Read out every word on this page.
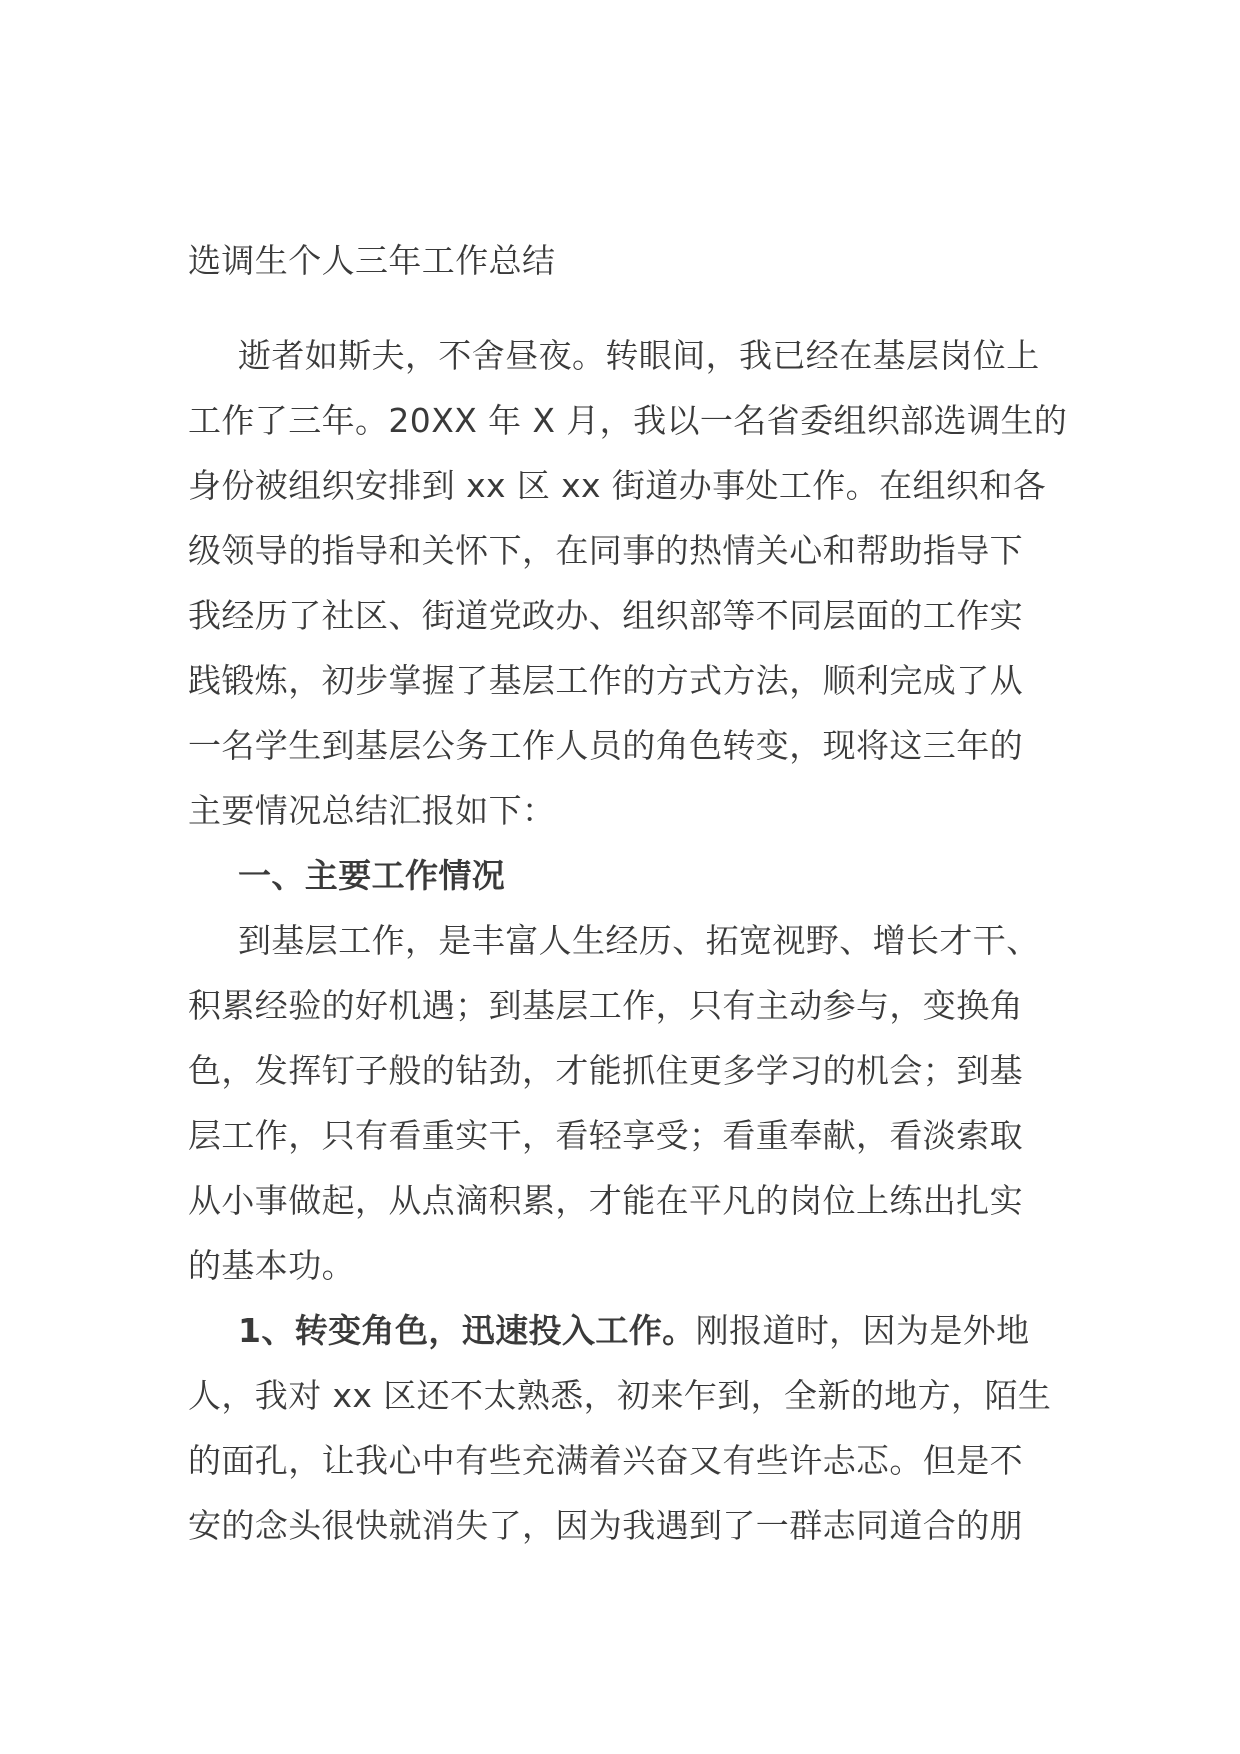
选调生个人三年工作总结
逝者如斯夫，不舍昼夜。转眼间，我已经在基层岗位上
工作了三年。20XX 年 X 月，我以一名省委组织部选调生的
身份被组织安排到 xx 区 xx 街道办事处工作。在组织和各
级领导的指导和关怀下，在同事的热情关心和帮助指导下
我经历了社区、街道党政办、组织部等不同层面的工作实
践锻炼，初步掌握了基层工作的方式方法，顺利完成了从
一名学生到基层公务工作人员的角色转变，现将这三年的
主要情况总结汇报如下：
一、主要工作情况
到基层工作，是丰富人生经历、拓宽视野、增长才干、
积累经验的好机遇；到基层工作，只有主动参与，变换角
色，发挥钉子般的钻劲，才能抓住更多学习的机会；到基
层工作，只有看重实干，看轻享受；看重奉献，看淡索取
从小事做起，从点滴积累，才能在平凡的岗位上练出扎实
的基本功。
1、转变角色，迅速投入工作。刚报道时，因为是外地
人，我对 xx 区还不太熟悉，初来乍到，全新的地方，陌生
的面孔，让我心中有些充满着兴奋又有些许忐忑。但是不
安的念头很快就消失了，因为我遇到了一群志同道合的朋
